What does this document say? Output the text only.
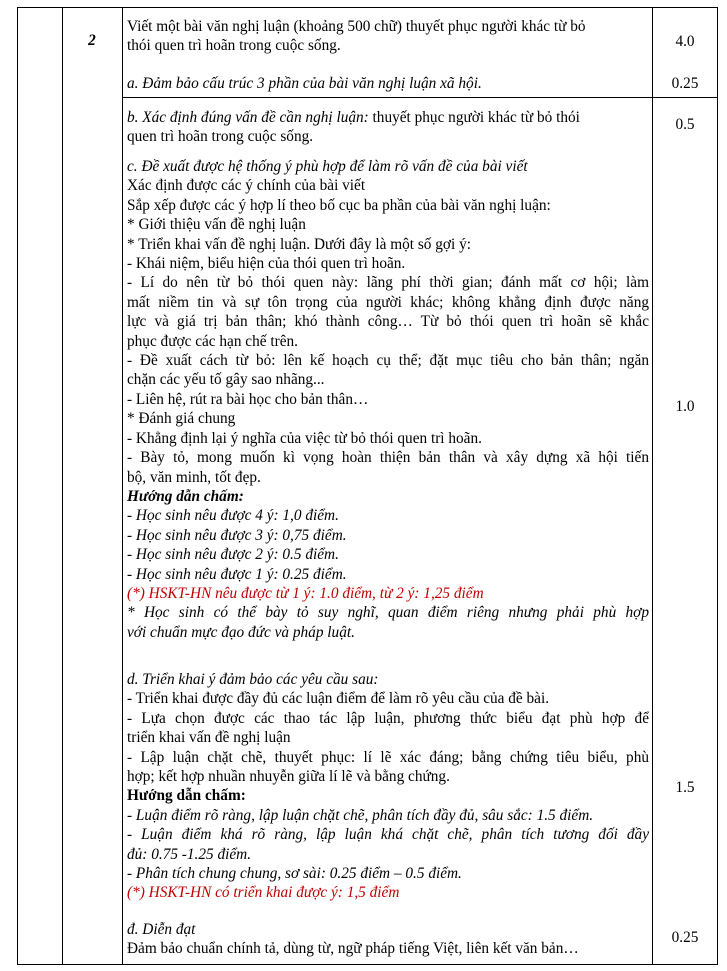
2
Viết một bài văn nghị luận (khoảng 500 chữ) thuyết phục người khác từ bỏ
thói quen trì hoãn trong cuộc sống.	4.0
a. Đảm bảo cấu trúc 3 phần của bài văn nghị luận xã hội.	0.25
b. Xác định đúng vấn đề cần nghị luận: thuyết phục người khác từ bỏ thói
quen trì hoãn trong cuộc sống.
0.5
c. Đề xuất được hệ thống ý phù hợp để làm rõ vấn đề của bài viết
Xác định được các ý chính của bài viết
Sắp xếp được các ý hợp lí theo bố cục ba phần của bài văn nghị luận:
* Giới thiệu vấn đề nghị luận
* Triển khai vấn đề nghị luận. Dưới đây là một số gợi ý:
- Khái niệm, biểu hiện của thói quen trì hoãn.
- Lí do nên từ bỏ thói quen này: lãng phí thời gian; đánh mất cơ hội; làm
mất niềm tin và sự tôn trọng của người khác; không khẳng định được năng
lực và giá trị bản thân; khó thành công… Từ bỏ thói quen trì hoãn sẽ khắc
phục được các hạn chế trên.
- Đề xuất cách từ bỏ: lên kế hoạch cụ thể; đặt mục tiêu cho bản thân; ngăn
chặn các yếu tố gây sao nhãng...
- Liên hệ, rút ra bài học cho bản thân…
* Đánh giá chung
- Khẳng định lại ý nghĩa của việc từ bỏ thói quen trì hoãn.
- Bày tỏ, mong muốn kì vọng hoàn thiện bản thân và xây dựng xã hội tiến
bộ, văn minh, tốt đẹp.
Hướng dẫn chấm:
- Học sinh nêu được 4 ý: 1,0 điểm.
- Học sinh nêu được 3 ý: 0,75 điểm.
- Học sinh nêu được 2 ý: 0.5 điểm.
- Học sinh nêu được 1 ý: 0.25 điểm.
(*) HSKT-HN nêu được từ 1 ý: 1.0 điểm, từ 2 ý: 1,25 điểm
* Học sinh có thể bày tỏ suy nghĩ, quan điểm riêng nhưng phải phù hợp
với chuẩn mực đạo đức và pháp luật.
1.0
d. Triển khai ý đảm bảo các yêu cầu sau:
- Triển khai được đầy đủ các luận điểm để làm rõ yêu cầu của đề bài.
- Lựa chọn được các thao tác lập luận, phương thức biểu đạt phù hợp để
triển khai vấn đề nghị luận
- Lập luận chặt chẽ, thuyết phục: lí lẽ xác đáng; bằng chứng tiêu biểu, phù
hợp; kết hợp nhuần nhuyễn giữa lí lẽ và bằng chứng.
Hướng dẫn chấm:
- Luận điểm rõ ràng, lập luận chặt chẽ, phân tích đầy đủ, sâu sắc: 1.5 điểm.
- Luận điểm khá rõ ràng, lập luận khá chặt chẽ, phân tích tương đối đầy
đủ: 0.75 -1.25 điểm.
- Phân tích chung chung, sơ sài: 0.25 điểm – 0.5 điểm.
(*) HSKT-HN có triển khai được ý: 1,5 điểm
1.5
đ. Diễn đạt
Đảm bảo chuẩn chính tả, dùng từ, ngữ pháp tiếng Việt, liên kết văn bản…
0.25
